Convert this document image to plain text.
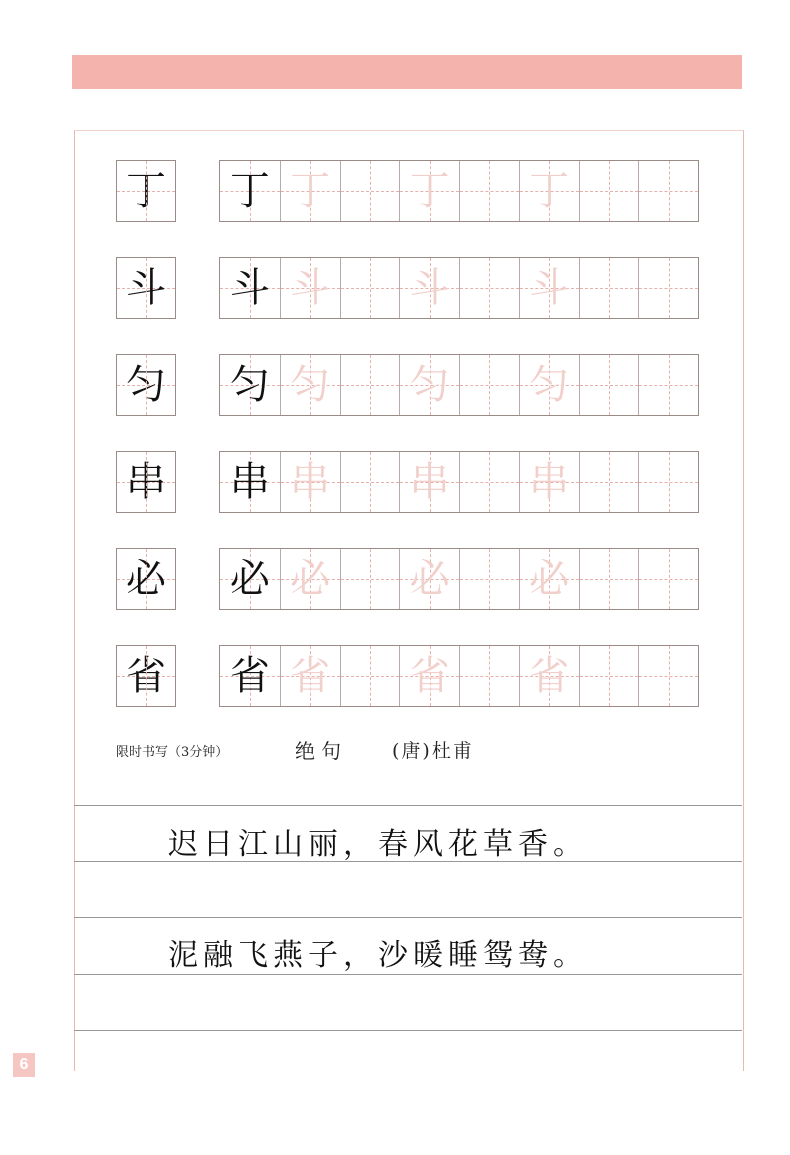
丁 丁 丁 丁 丁
斗 斗 斗 斗 斗
匀 匀 匀 匀 匀
串 串 串 串 串
必 必 必 必 必
省 省 省 省 省
限时书写（3分钟）	绝句 (唐)杜甫
迟日江山丽，春风花草香。
泥融飞燕子，沙暖睡鸳鸯。
6
